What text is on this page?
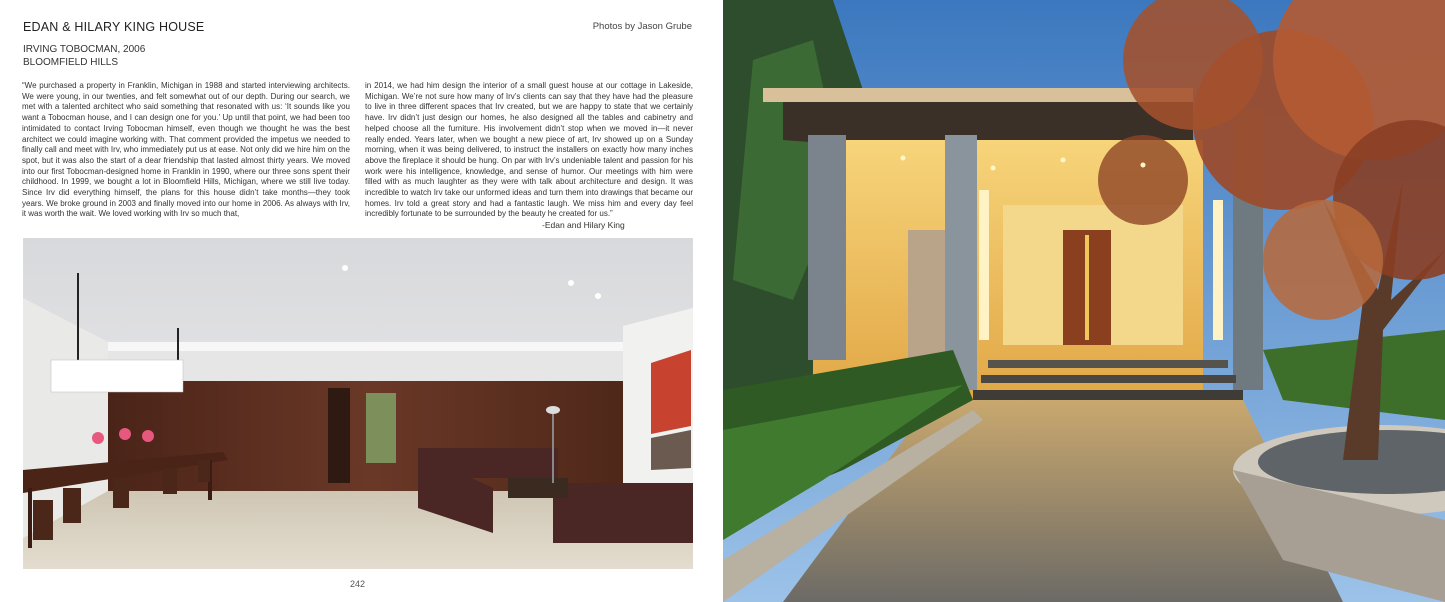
EDAN & HILARY KING HOUSE	Photos by Jason Grube
IRVING TOBOCMAN, 2006
BLOOMFIELD HILLS
“We purchased a property in Franklin, Michigan in 1988 and started interviewing architects. We were young, in our twenties, and felt somewhat out of our depth. During our search, we met with a talented architect who said something that resonated with us: ‘It sounds like you want a Tobocman house, and I can design one for you.’ Up until that point, we had been too intimidated to contact Irving Tobocman himself, even though we thought he was the best architect we could imagine working with. That comment provided the impetus we needed to finally call and meet with Irv, who immediately put us at ease. Not only did we hire him on the spot, but it was also the start of a dear friendship that lasted almost thirty years. We moved into our first Tobocman-designed home in Franklin in 1990, where our three sons spent their childhood. In 1999, we bought a lot in Bloomfield Hills, Michigan, where we still live today. Since Irv did everything himself, the plans for this house didn’t take months—they took years. We broke ground in 2003 and finally moved into our home in 2006. As always with Irv, it was worth the wait. We loved working with Irv so much that,
in 2014, we had him design the interior of a small guest house at our cottage in Lakeside, Michigan. We’re not sure how many of Irv’s clients can say that they have had the pleasure to live in three different spaces that Irv created, but we are happy to state that we certainly have. Irv didn’t just design our homes, he also designed all the tables and cabinetry and helped choose all the furniture. His involvement didn’t stop when we moved in—it never really ended. Years later, when we bought a new piece of art, Irv showed up on a Sunday morning, when it was being delivered, to instruct the installers on exactly how many inches above the fireplace it should be hung. On par with Irv’s undeniable talent and passion for his work were his intelligence, knowledge, and sense of humor. Our meetings with him were filled with as much laughter as they were with talk about architecture and design. It was incredible to watch Irv take our unformed ideas and turn them into drawings that became our homes. Irv told a great story and had a fantastic laugh. We miss him and every day feel incredibly fortunate to be surrounded by the beauty he created for us.”
-Edan and Hilary King
242
